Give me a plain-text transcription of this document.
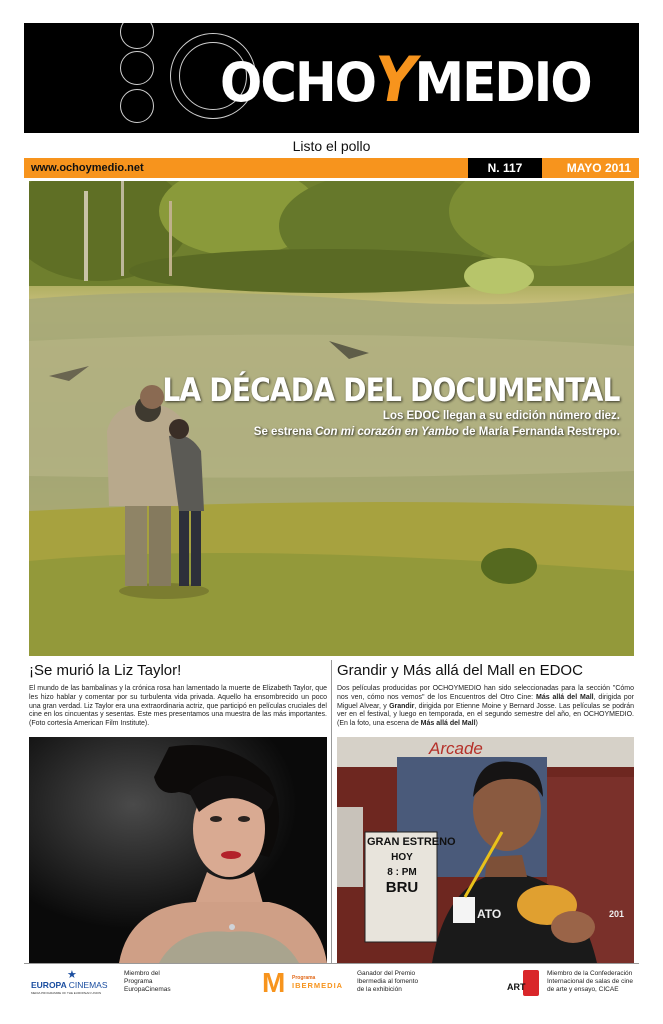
OCHOYMEDIO
Listo el pollo
www.ochoymedio.net	N. 117	MAYO 2011
LA DÉCADA DEL DOCUMENTAL
Los EDOC llegan a su edición número diez.
Se estrena Con mi corazón en Yambo de María Fernanda Restrepo.
¡Se murió la Liz Taylor!
El mundo de las bambalinas y la crónica rosa han lamentado la muerte de Elizabeth Taylor, que les hizo hablar y comentar por su turbulenta vida privada. Aquello ha ensombrecido un poco una gran verdad. Liz Taylor era una extraordinaria actriz, que participó en películas cruciales del cine en los cincuentas y sesentas. Este mes presentamos una muestra de las más importantes. (Foto cortesía American Film Institute).
Grandir y Más allá del Mall en EDOC
Dos películas producidas por OCHOYMEDIO han sido seleccionadas para la sección "Cómo nos ven, cómo nos vemos" de los Encuentros del Otro Cine: Más allá del Mall, dirigida por Miguel Alvear, y Grandir, dirigida por Etienne Moine y Bernard Josse. Las películas se podrán ver en el festival, y luego en temporada, en el segundo semestre del año, en OCHOYMEDIO. (En la foto, una escena de Más allá del Mall)
Arcade
GRAN ESTRENO
HOY
8 : PM
BRU
ATO	201
★
EUROPA CINEMAS
MEDIA PROGRAMME OF THE EUROPEAN UNION
Miembro del
Programa
EuropaCinemas	M Programa
IBERMEDIA
Ganador del Premio
Ibermedia al fomento
de la exhibición	ART
Miembro de la Confederación
Internacional de salas de cine
de arte y ensayo, CICAE
